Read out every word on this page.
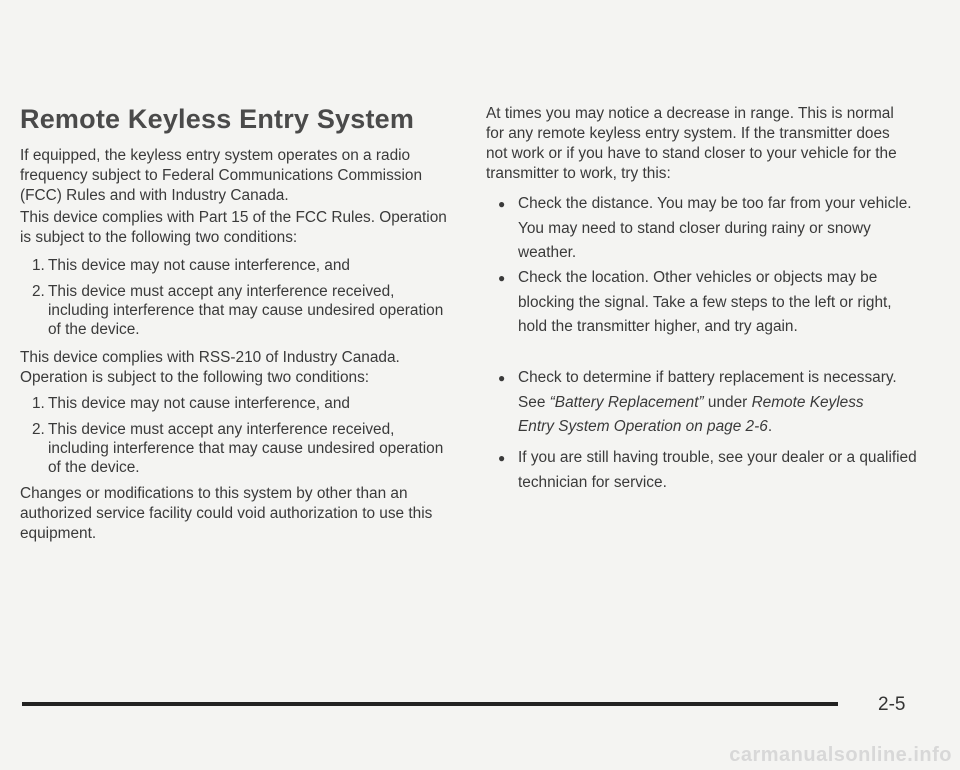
Remote Keyless Entry System

If equipped, the keyless entry system operates on a radio frequency subject to Federal Communications Commission (FCC) Rules and with Industry Canada.

This device complies with Part 15 of the FCC Rules. Operation is subject to the following two conditions:

1. This device may not cause interference, and
2. This device must accept any interference received, including interference that may cause undesired operation of the device.

This device complies with RSS-210 of Industry Canada. Operation is subject to the following two conditions:

1. This device may not cause interference, and
2. This device must accept any interference received, including interference that may cause undesired operation of the device.

Changes or modifications to this system by other than an authorized service facility could void authorization to use this equipment.

At times you may notice a decrease in range. This is normal for any remote keyless entry system. If the transmitter does not work or if you have to stand closer to your vehicle for the transmitter to work, try this:

● Check the distance. You may be too far from your vehicle. You may need to stand closer during rainy or snowy weather.
● Check the location. Other vehicles or objects may be blocking the signal. Take a few steps to the left or right, hold the transmitter higher, and try again.
● Check to determine if battery replacement is necessary. See “Battery Replacement” under Remote Keyless Entry System Operation on page 2-6.
● If you are still having trouble, see your dealer or a qualified technician for service.
2-5
carmanualsonline.info
